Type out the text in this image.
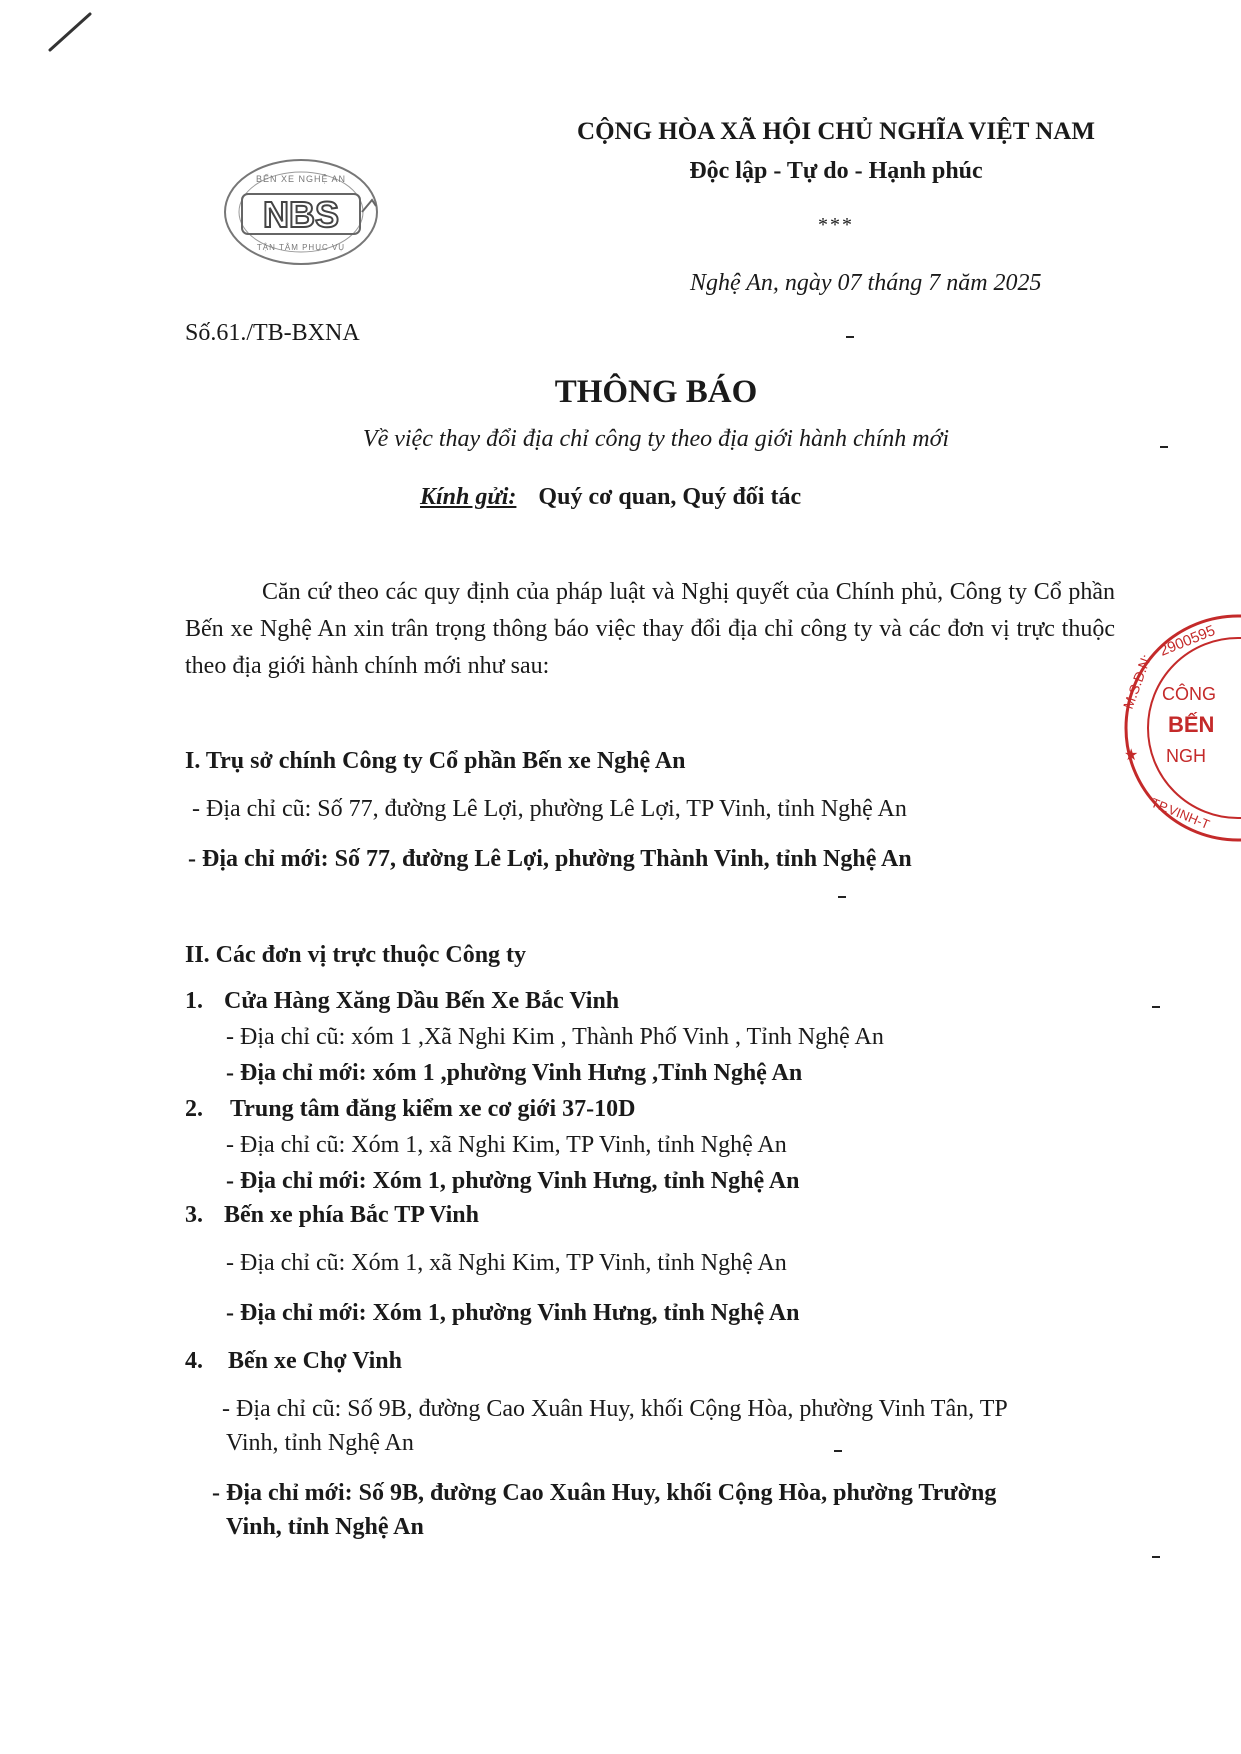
BẾN XE NGHỆ AN
NBS
TẬN TÂM PHỤC VỤ
CỘNG HÒA XÃ HỘI CHỦ NGHĨA VIỆT NAM
Độc lập - Tự do - Hạnh phúc
***
Nghệ An, ngày 07 tháng 7 năm 2025
Số.61./TB-BXNA
THÔNG BÁO
Về việc thay đổi địa chỉ công ty theo địa giới hành chính mới
Kính gửi: Quý cơ quan, Quý đối tác
Căn cứ theo các quy định của pháp luật và Nghị quyết của Chính phủ, Công ty Cổ phần Bến xe Nghệ An xin trân trọng thông báo việc thay đổi địa chỉ công ty và các đơn vị trực thuộc theo địa giới hành chính mới như sau:
I. Trụ sở chính Công ty Cổ phần Bến xe Nghệ An
- Địa chỉ cũ: Số 77, đường Lê Lợi, phường Lê Lợi, TP Vinh, tỉnh Nghệ An
- Địa chỉ mới: Số 77, đường Lê Lợi, phường Thành Vinh, tỉnh Nghệ An
II. Các đơn vị trực thuộc Công ty
1. Cửa Hàng Xăng Dầu Bến Xe Bắc Vinh
- Địa chỉ cũ: xóm 1 ,Xã Nghi Kim , Thành Phố Vinh , Tỉnh Nghệ An
- Địa chỉ mới: xóm 1 ,phường Vinh Hưng ,Tỉnh Nghệ An
2. Trung tâm đăng kiểm xe cơ giới 37-10D
- Địa chỉ cũ: Xóm 1, xã Nghi Kim, TP Vinh, tỉnh Nghệ An
- Địa chỉ mới: Xóm 1, phường Vinh Hưng, tỉnh Nghệ An
3. Bến xe phía Bắc TP Vinh
- Địa chỉ cũ: Xóm 1, xã Nghi Kim, TP Vinh, tỉnh Nghệ An
- Địa chỉ mới: Xóm 1, phường Vinh Hưng, tỉnh Nghệ An
4. Bến xe Chợ Vinh
- Địa chỉ cũ: Số 9B, đường Cao Xuân Huy, khối Cộng Hòa, phường Vinh Tân, TP
Vinh, tỉnh Nghệ An
- Địa chỉ mới: Số 9B, đường Cao Xuân Huy, khối Cộng Hòa, phường Trường
Vinh, tỉnh Nghệ An
M.S.D.N:
2900595
CÔNG
BẾN
NGH
★
TP.VINH-T
